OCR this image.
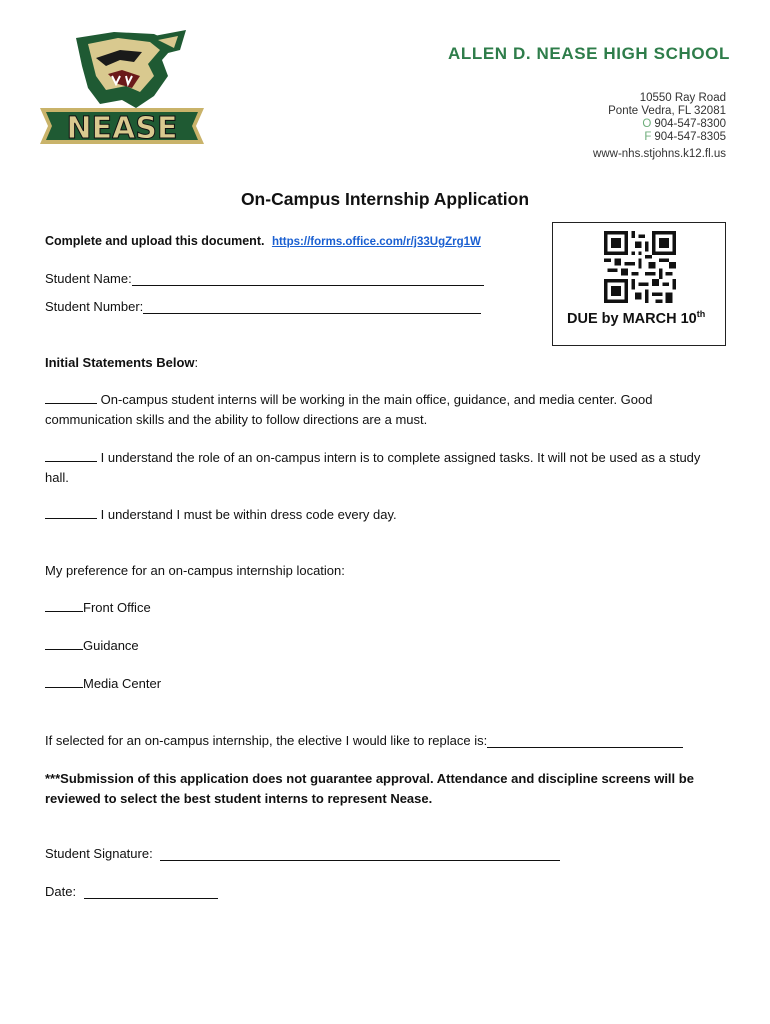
NEASE
ALLEN D. NEASE HIGH SCHOOL
10550 Ray Road
Ponte Vedra, FL 32081
O 904-547-8300
F 904-547-8305
www-nhs.stjohns.k12.fl.us
On-Campus Internship Application
Complete and upload this document. https://forms.office.com/r/j33UgZrg1W
Student Name:
Student Number:
DUE by MARCH 10th
Initial Statements Below:
On-campus student interns will be working in the main office, guidance, and media center. Good communication skills and the ability to follow directions are a must.
I understand the role of an on-campus intern is to complete assigned tasks. It will not be used as a study hall.
I understand I must be within dress code every day.
My preference for an on-campus internship location:
Front Office
Guidance
Media Center
If selected for an on-campus internship, the elective I would like to replace is:
***Submission of this application does not guarantee approval. Attendance and discipline screens will be reviewed to select the best student interns to represent Nease.
Student Signature:
Date:
